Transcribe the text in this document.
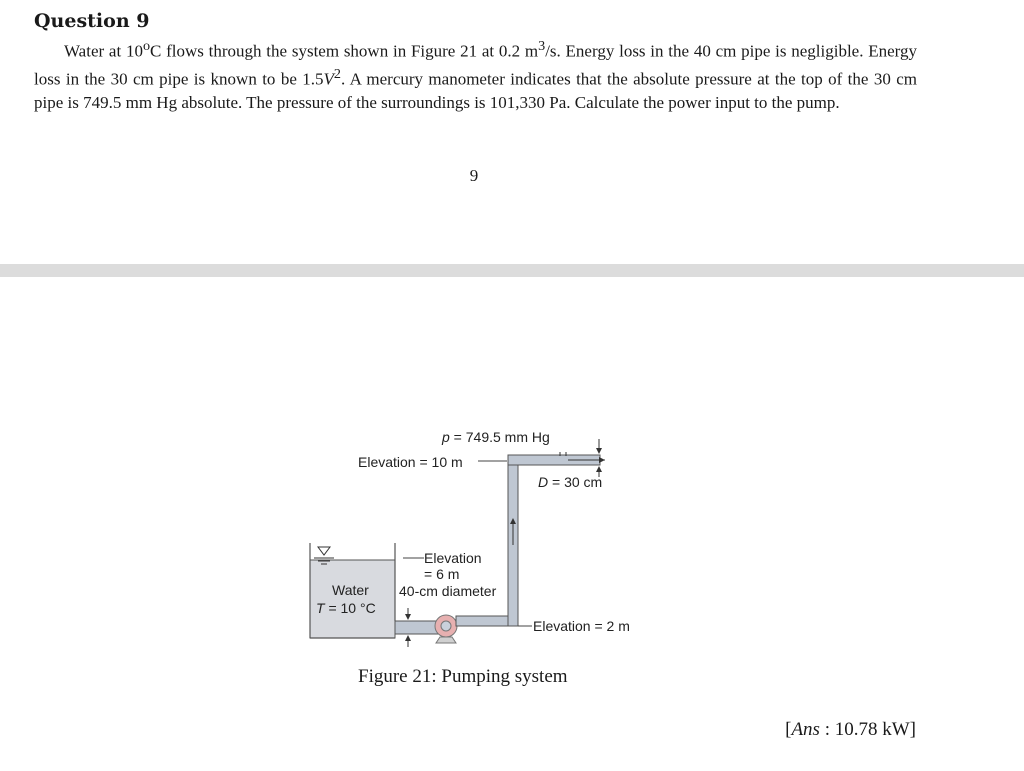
Question 9
Water at 10$^o$C flows through the system shown in Figure 21 at 0.2 $m^3/s$. Energy loss in the 40 cm pipe is negligible. Energy loss in the 30 cm pipe is known to be $1.5V^2$. A mercury manometer indicates that the absolute pressure at the top of the 30 cm pipe is 749.5 mm Hg absolute. The pressure of the surroundings is 101,330 Pa. Calculate the power input to the pump.
9
p = 749.5 mm Hg
Elevation = 10 m
D = 30 cm
Elevation
= 6 m
40-cm diameter
Water
T = 10 °C
Elevation = 2 m
Figure 21: Pumping system
[Ans : 10.78 kW]
